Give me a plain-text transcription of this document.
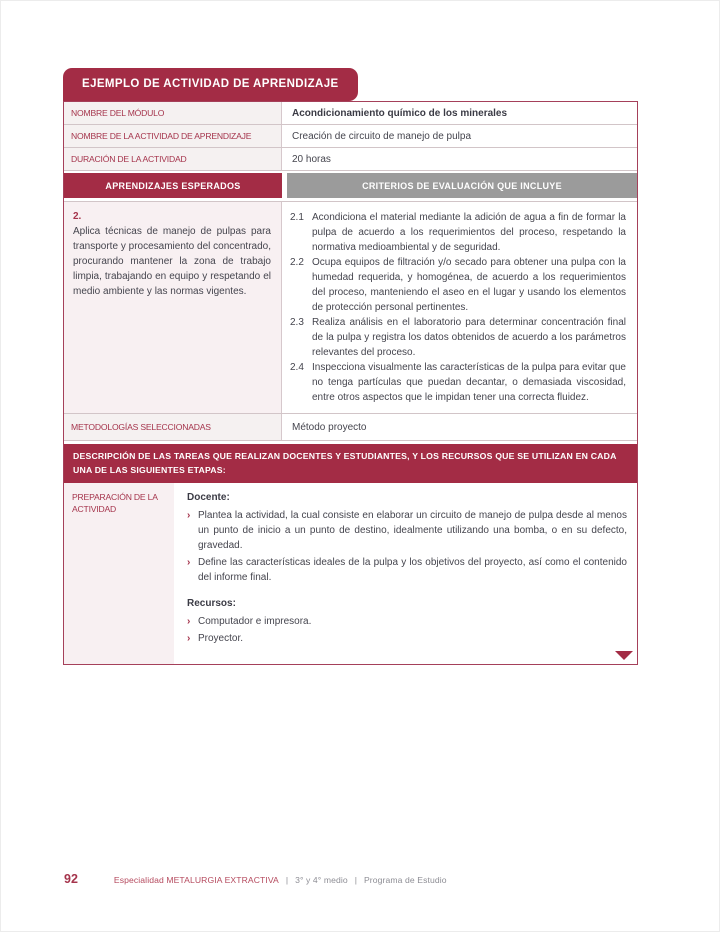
EJEMPLO DE ACTIVIDAD DE APRENDIZAJE
NOMBRE DEL MÓDULO	Acondicionamiento químico de los minerales
NOMBRE DE LA ACTIVIDAD DE APRENDIZAJE	Creación de circuito de manejo de pulpa
DURACIÓN DE LA ACTIVIDAD	20 horas
APRENDIZAJES ESPERADOS	CRITERIOS DE EVALUACIÓN QUE INCLUYE
2.
Aplica técnicas de manejo de pulpas para transporte y procesamiento del concentrado, procurando mantener la zona de trabajo limpia, trabajando en equipo y respetando el medio ambiente y las normas vigentes.
2.1 Acondiciona el material mediante la adición de agua a fin de formar la pulpa de acuerdo a los requerimientos del proceso, respetando la normativa medioambiental y de seguridad.
2.2 Ocupa equipos de filtración y/o secado para obtener una pulpa con la humedad requerida, y homogénea, de acuerdo a los requerimientos del proceso, manteniendo el aseo en el lugar y usando los elementos de protección personal pertinentes.
2.3 Realiza análisis en el laboratorio para determinar concentración final de la pulpa y registra los datos obtenidos de acuerdo a los parámetros relevantes del proceso.
2.4 Inspecciona visualmente las características de la pulpa para evitar que no tenga partículas que puedan decantar, o demasiada viscosidad, entre otros aspectos que le impidan tener una correcta fluidez.
METODOLOGÍAS SELECCIONADAS	Método proyecto
DESCRIPCIÓN DE LAS TAREAS QUE REALIZAN DOCENTES Y ESTUDIANTES, Y LOS RECURSOS QUE SE UTILIZAN EN CADA UNA DE LAS SIGUIENTES ETAPAS:
PREPARACIÓN DE LA ACTIVIDAD
Docente:
› Plantea la actividad, la cual consiste en elaborar un circuito de manejo de pulpa desde al menos un punto de inicio a un punto de destino, idealmente utilizando una bomba, o en su defecto, gravedad.
› Define las características ideales de la pulpa y los objetivos del proyecto, así como el contenido del informe final.
Recursos:
› Computador e impresora.
› Proyector.
92	Especialidad METALURGIA EXTRACTIVA | 3° y 4° medio | Programa de Estudio
